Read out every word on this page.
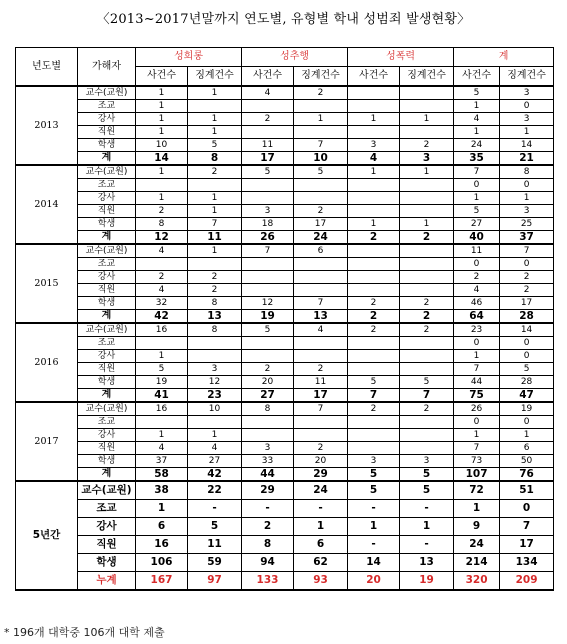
〈2013~2017년말까지 연도별, 유형별 학내 성범죄 발생현황〉
년도별	가해자	성희롱		성추행		성폭력		계	
		사건수	징계건수	사건수	징계건수	사건수	징계건수	사건수	징계건수
2013	교수(교원)	1	1	4	2			5	3
	조교	1						1	0
	강사	1	1	2	1	1	1	4	3
	직원	1	1					1	1
	학생	10	5	11	7	3	2	24	14
	계	14	8	17	10	4	3	35	21
2014	교수(교원)	1	2	5	5	1	1	7	8
	조교							0	0
	강사	1	1					1	1
	직원	2	1	3	2			5	3
	학생	8	7	18	17	1	1	27	25
	계	12	11	26	24	2	2	40	37
2015	교수(교원)	4	1	7	6			11	7
	조교							0	0
	강사	2	2					2	2
	직원	4	2					4	2
	학생	32	8	12	7	2	2	46	17
	계	42	13	19	13	2	2	64	28
2016	교수(교원)	16	8	5	4	2	2	23	14
	조교							0	0
	강사	1						1	0
	직원	5	3	2	2			7	5
	학생	19	12	20	11	5	5	44	28
	계	41	23	27	17	7	7	75	47
2017	교수(교원)	16	10	8	7	2	2	26	19
	조교							0	0
	강사	1	1					1	1
	직원	4	4	3	2			7	6
	학생	37	27	33	20	3	3	73	50
	계	58	42	44	29	5	5	107	76
5년간	교수(교원)	38	22	29	24	5	5	72	51
	조교	1	-	-	-	-	-	1	0
	강사	6	5	2	1	1	1	9	7
	직원	16	11	8	6	-	-	24	17
	학생	106	59	94	62	14	13	214	134
	누계	167	97	133	93	20	19	320	209
* 196개 대학중 106개 대학 제출
